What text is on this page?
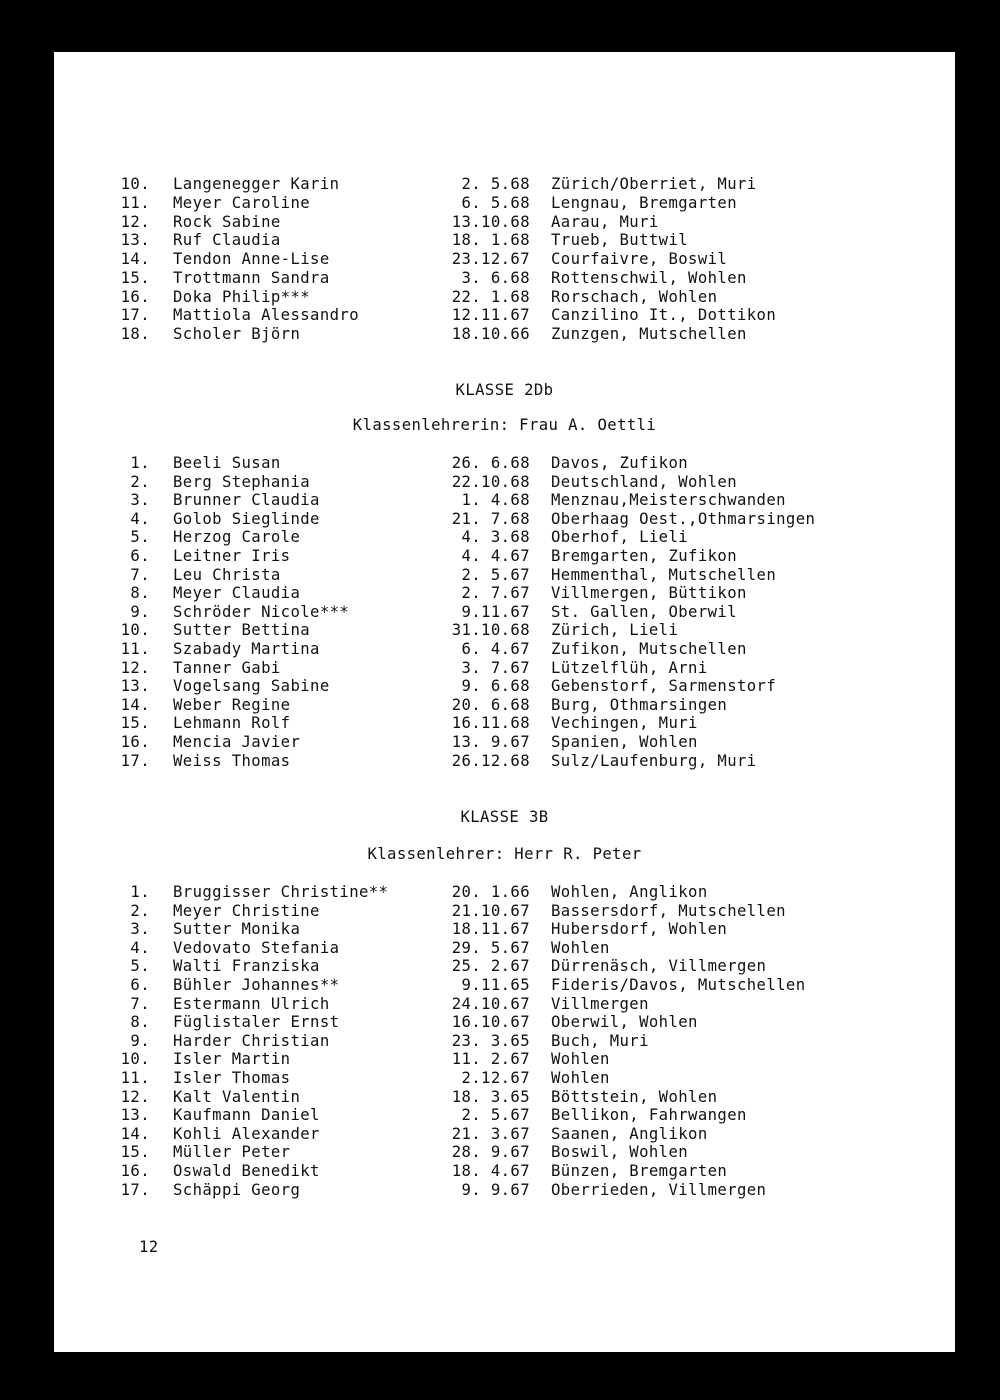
10. Langenegger Karin	2. 5.68 Zürich/Oberriet, Muri
11. Meyer Caroline	6. 5.68 Lengnau, Bremgarten
12. Rock Sabine	13.10.68 Aarau, Muri
13. Ruf Claudia	18. 1.68 Trueb, Buttwil
14. Tendon Anne-Lise	23.12.67 Courfaivre, Boswil
15. Trottmann Sandra	3. 6.68 Rottenschwil, Wohlen
16. Doka Philip***	22. 1.68 Rorschach, Wohlen
17. Mattiola Alessandro	12.11.67 Canzilino It., Dottikon
18. Scholer Björn	18.10.66 Zunzgen, Mutschellen
KLASSE 2Db
Klassenlehrerin: Frau A. Oettli
1. Beeli Susan	26. 6.68 Davos, Zufikon
2. Berg Stephania	22.10.68 Deutschland, Wohlen
3. Brunner Claudia	1. 4.68 Menznau,Meisterschwanden
4. Golob Sieglinde	21. 7.68 Oberhaag Oest.,Othmarsingen
5. Herzog Carole	4. 3.68 Oberhof, Lieli
6. Leitner Iris	4. 4.67 Bremgarten, Zufikon
7. Leu Christa	2. 5.67 Hemmenthal, Mutschellen
8. Meyer Claudia	2. 7.67 Villmergen, Büttikon
9. Schröder Nicole***	9.11.67 St. Gallen, Oberwil
10. Sutter Bettina	31.10.68 Zürich, Lieli
11. Szabady Martina	6. 4.67 Zufikon, Mutschellen
12. Tanner Gabi	3. 7.67 Lützelflüh, Arni
13. Vogelsang Sabine	9. 6.68 Gebenstorf, Sarmenstorf
14. Weber Regine	20. 6.68 Burg, Othmarsingen
15. Lehmann Rolf	16.11.68 Vechingen, Muri
16. Mencia Javier	13. 9.67 Spanien, Wohlen
17. Weiss Thomas	26.12.68 Sulz/Laufenburg, Muri
KLASSE 3B
Klassenlehrer: Herr R. Peter
1. Bruggisser Christine**	20. 1.66 Wohlen, Anglikon
2. Meyer Christine	21.10.67 Bassersdorf, Mutschellen
3. Sutter Monika	18.11.67 Hubersdorf, Wohlen
4. Vedovato Stefania	29. 5.67 Wohlen
5. Walti Franziska	25. 2.67 Dürrenäsch, Villmergen
6. Bühler Johannes**	9.11.65 Fideris/Davos, Mutschellen
7. Estermann Ulrich	24.10.67 Villmergen
8. Füglistaler Ernst	16.10.67 Oberwil, Wohlen
9. Harder Christian	23. 3.65 Buch, Muri
10. Isler Martin	11. 2.67 Wohlen
11. Isler Thomas	2.12.67 Wohlen
12. Kalt Valentin	18. 3.65 Böttstein, Wohlen
13. Kaufmann Daniel	2. 5.67 Bellikon, Fahrwangen
14. Kohli Alexander	21. 3.67 Saanen, Anglikon
15. Müller Peter	28. 9.67 Boswil, Wohlen
16. Oswald Benedikt	18. 4.67 Bünzen, Bremgarten
17. Schäppi Georg	9. 9.67 Oberrieden, Villmergen
12
